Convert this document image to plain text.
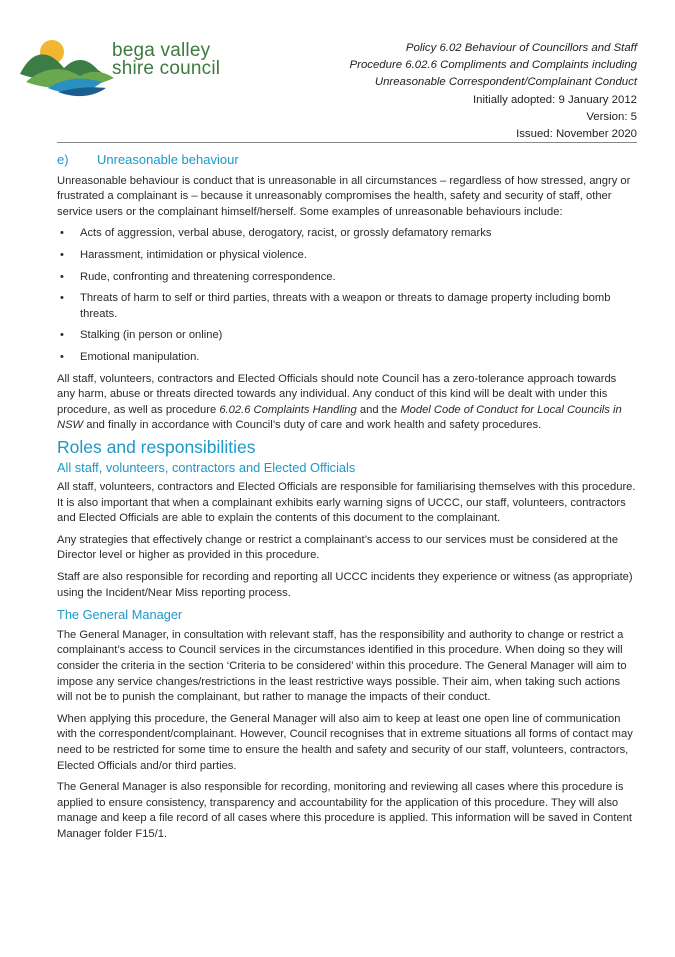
bega valley
shire council
Policy 6.02 Behaviour of Councillors and Staff
Procedure 6.02.6 Compliments and Complaints including
Unreasonable Correspondent/Complainant Conduct
Initially adopted: 9 January 2012
Version: 5
Issued: November 2020
e) Unreasonable behaviour

Unreasonable behaviour is conduct that is unreasonable in all circumstances – regardless of how stressed, angry or frustrated a complainant is – because it unreasonably compromises the health, safety and security of staff, other service users or the complainant himself/herself. Some examples of unreasonable behaviours include:

• Acts of aggression, verbal abuse, derogatory, racist, or grossly defamatory remarks
• Harassment, intimidation or physical violence.
• Rude, confronting and threatening correspondence.
• Threats of harm to self or third parties, threats with a weapon or threats to damage property including bomb threats.
• Stalking (in person or online)
• Emotional manipulation.

All staff, volunteers, contractors and Elected Officials should note Council has a zero-tolerance approach towards any harm, abuse or threats directed towards any individual. Any conduct of this kind will be dealt with under this procedure, as well as procedure 6.02.6 Complaints Handling and the Model Code of Conduct for Local Councils in NSW and finally in accordance with Council’s duty of care and work health and safety procedures.

Roles and responsibilities
All staff, volunteers, contractors and Elected Officials

All staff, volunteers, contractors and Elected Officials are responsible for familiarising themselves with this procedure. It is also important that when a complainant exhibits early warning signs of UCCC, our staff, volunteers, contractors and Elected Officials are able to explain the contents of this document to the complainant.

Any strategies that effectively change or restrict a complainant’s access to our services must be considered at the Director level or higher as provided in this procedure.

Staff are also responsible for recording and reporting all UCCC incidents they experience or witness (as appropriate) using the Incident/Near Miss reporting process.

The General Manager

The General Manager, in consultation with relevant staff, has the responsibility and authority to change or restrict a complainant’s access to Council services in the circumstances identified in this procedure. When doing so they will consider the criteria in the section ‘Criteria to be considered’ within this procedure. The General Manager will aim to impose any service changes/restrictions in the least restrictive ways possible. Their aim, when taking such actions will not be to punish the complainant, but rather to manage the impacts of their conduct.

When applying this procedure, the General Manager will also aim to keep at least one open line of communication with the correspondent/complainant. However, Council recognises that in extreme situations all forms of contact may need to be restricted for some time to ensure the health and safety and security of our staff, volunteers, contractors, Elected Officials and/or third parties.

The General Manager is also responsible for recording, monitoring and reviewing all cases where this procedure is applied to ensure consistency, transparency and accountability for the application of this procedure. They will also manage and keep a file record of all cases where this procedure is applied. This information will be saved in Content Manager folder F15/1.
